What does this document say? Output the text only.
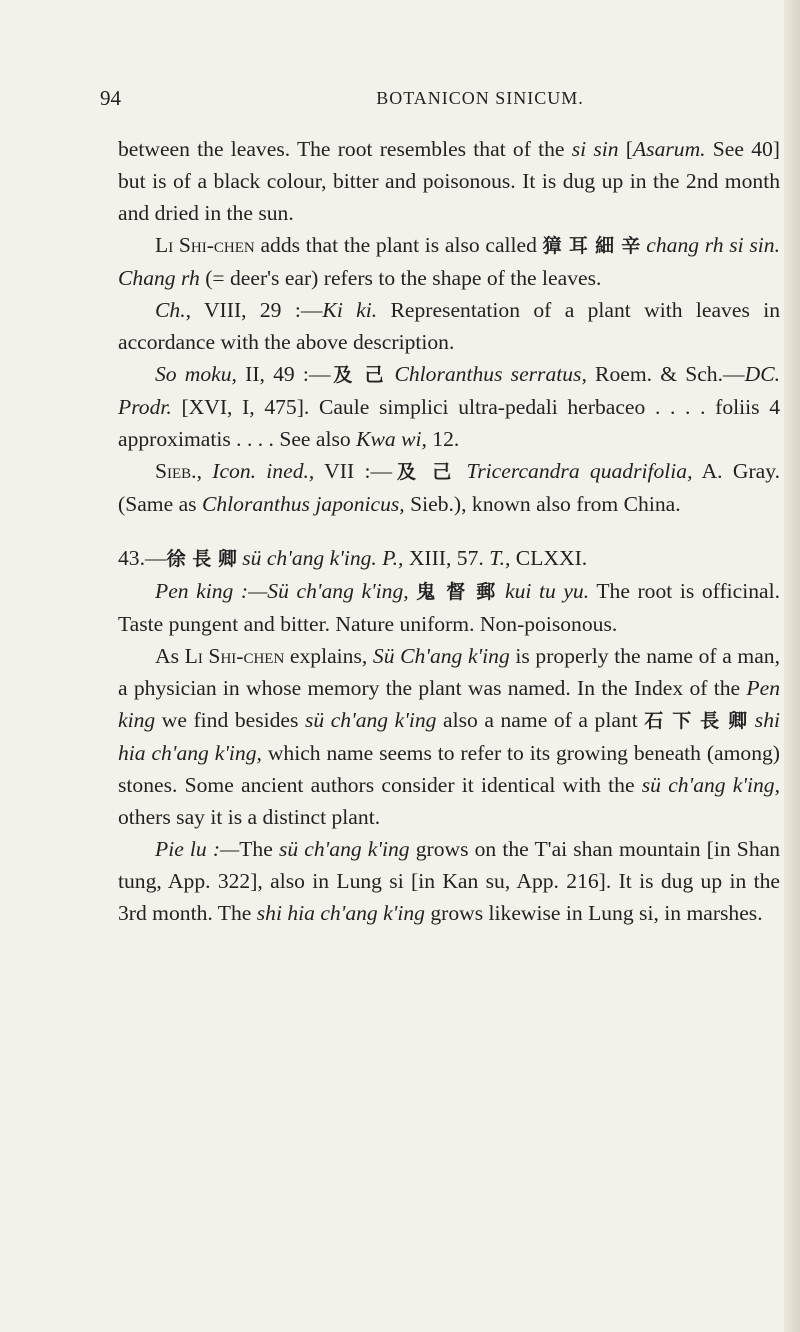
94	BOTANICON SINICUM.

between the leaves. The root resembles that of the si sin [Asarum. See 40] but is of a black colour, bitter and poisonous. It is dug up in the 2nd month and dried in the sun.

Li Shi-chen adds that the plant is also called 獐 耳 細 辛 chang rh si sin. Chang rh (= deer's ear) refers to the shape of the leaves.

Ch., VIII, 29 :—Ki ki. Representation of a plant with leaves in accordance with the above description.

So moku, II, 49 :—及 己 Chloranthus serratus, Roem. & Sch.—DC. Prodr. [XVI, I, 475]. Caule simplici ultra-pedali herbaceo . . . . foliis 4 approximatis . . . . See also Kwa wi, 12.

Sieb., Icon. ined., VII :—及 己 Tricercandra quadrifolia, A. Gray. (Same as Chloranthus japonicus, Sieb.), known also from China.

43.—徐 長 卿 sü ch'ang k'ing. P., XIII, 57. T., CLXXI.

Pen king :—Sü ch'ang k'ing, 鬼 督 郵 kui tu yu. The root is officinal. Taste pungent and bitter. Nature uniform. Non-poisonous.

As Li Shi-chen explains, Sü Ch'ang k'ing is properly the name of a man, a physician in whose memory the plant was named. In the Index of the Pen king we find besides sü ch'ang k'ing also a name of a plant 石 下 長 卿 shi hia ch'ang k'ing, which name seems to refer to its growing beneath (among) stones. Some ancient authors consider it identical with the sü ch'ang k'ing, others say it is a distinct plant.

Pie lu :—The sü ch'ang k'ing grows on the T'ai shan mountain [in Shan tung, App. 322], also in Lung si [in Kan su, App. 216]. It is dug up in the 3rd month. The shi hia ch'ang k'ing grows likewise in Lung si, in marshes.
